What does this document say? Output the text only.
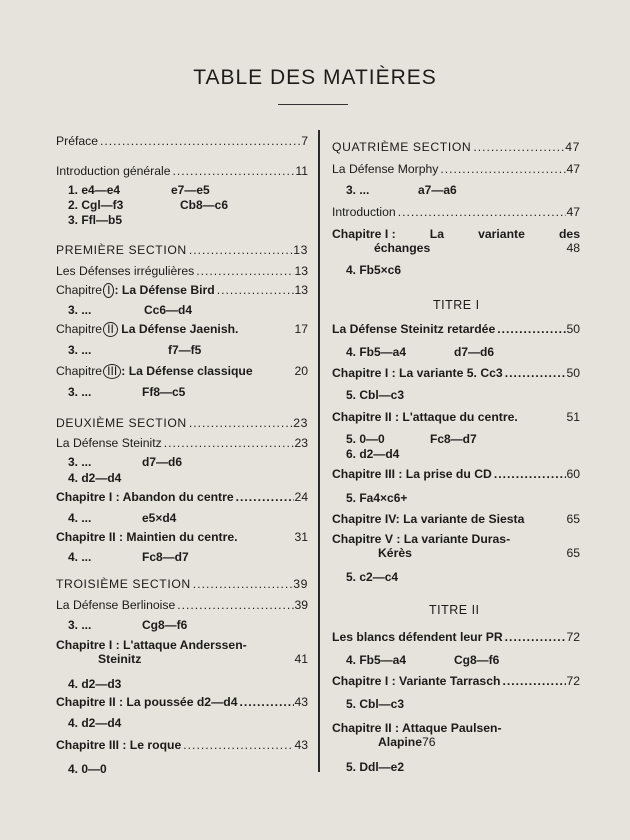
TABLE DES MATIÈRES
Préface .....	7
Introduction générale .....	11
1. e4—e4	e7—e5
2. Cgl—f3	Cb8—c6
3. Ffl—b5
PREMIÈRE SECTION .....	13
Les Défenses irrégulières .....	13
Chapitre I : La Défense Bird .....	13
3. ...	Cc6—d4
Chapitre II La Défense Jaenish.	17
3. ...	f7—f5
Chapitre III : La Défense classique	20
3. ...	Ff8—c5
DEUXIÈME SECTION .....	23
La Défense Steinitz .....	23
3. ...	d7—d6
4. d2—d4
Chapitre I : Abandon du centre .....	24
4. ...	e5×d4
Chapitre II : Maintien du centre.	31
4. ...	Fc8—d7
TROISIÈME SECTION .....	39
La Défense Berlinoise .....	39
3. ...	Cg8—f6
Chapitre I : L'attaque Anderssen-
Steinitz	41
4. d2—d3
Chapitre II : La poussée d2—d4 .....	43
4. d2—d4
Chapitre III : Le roque .....	43
4. 0—0
QUATRIÈME SECTION .....	47
La Défense Morphy .....	47
3. ...	a7—a6
Introduction .....	47
Chapitre I :	La	variante	des
échanges	48
4. Fb5×c6
TITRE I
La Défense Steinitz retardée .....	50
4. Fb5—a4	d7—d6
Chapitre I : La variante 5. Cc3 .....	50
5. Cbl—c3
Chapitre II : L'attaque du centre.	51
5. 0—0	Fc8—d7
6. d2—d4
Chapitre III : La prise du CD .....	60
5. Fa4×c6+
Chapitre IV: La variante de Siesta	65
Chapitre V : La variante Duras-
Kérès	65
5. c2—c4
TITRE II
Les blancs défendent leur PR .....	72
4. Fb5—a4	Cg8—f6
Chapitre I : Variante Tarrasch .....	72
5. Cbl—c3
Chapitre II : Attaque Paulsen-
Alapine 76
5. Ddl—e2
